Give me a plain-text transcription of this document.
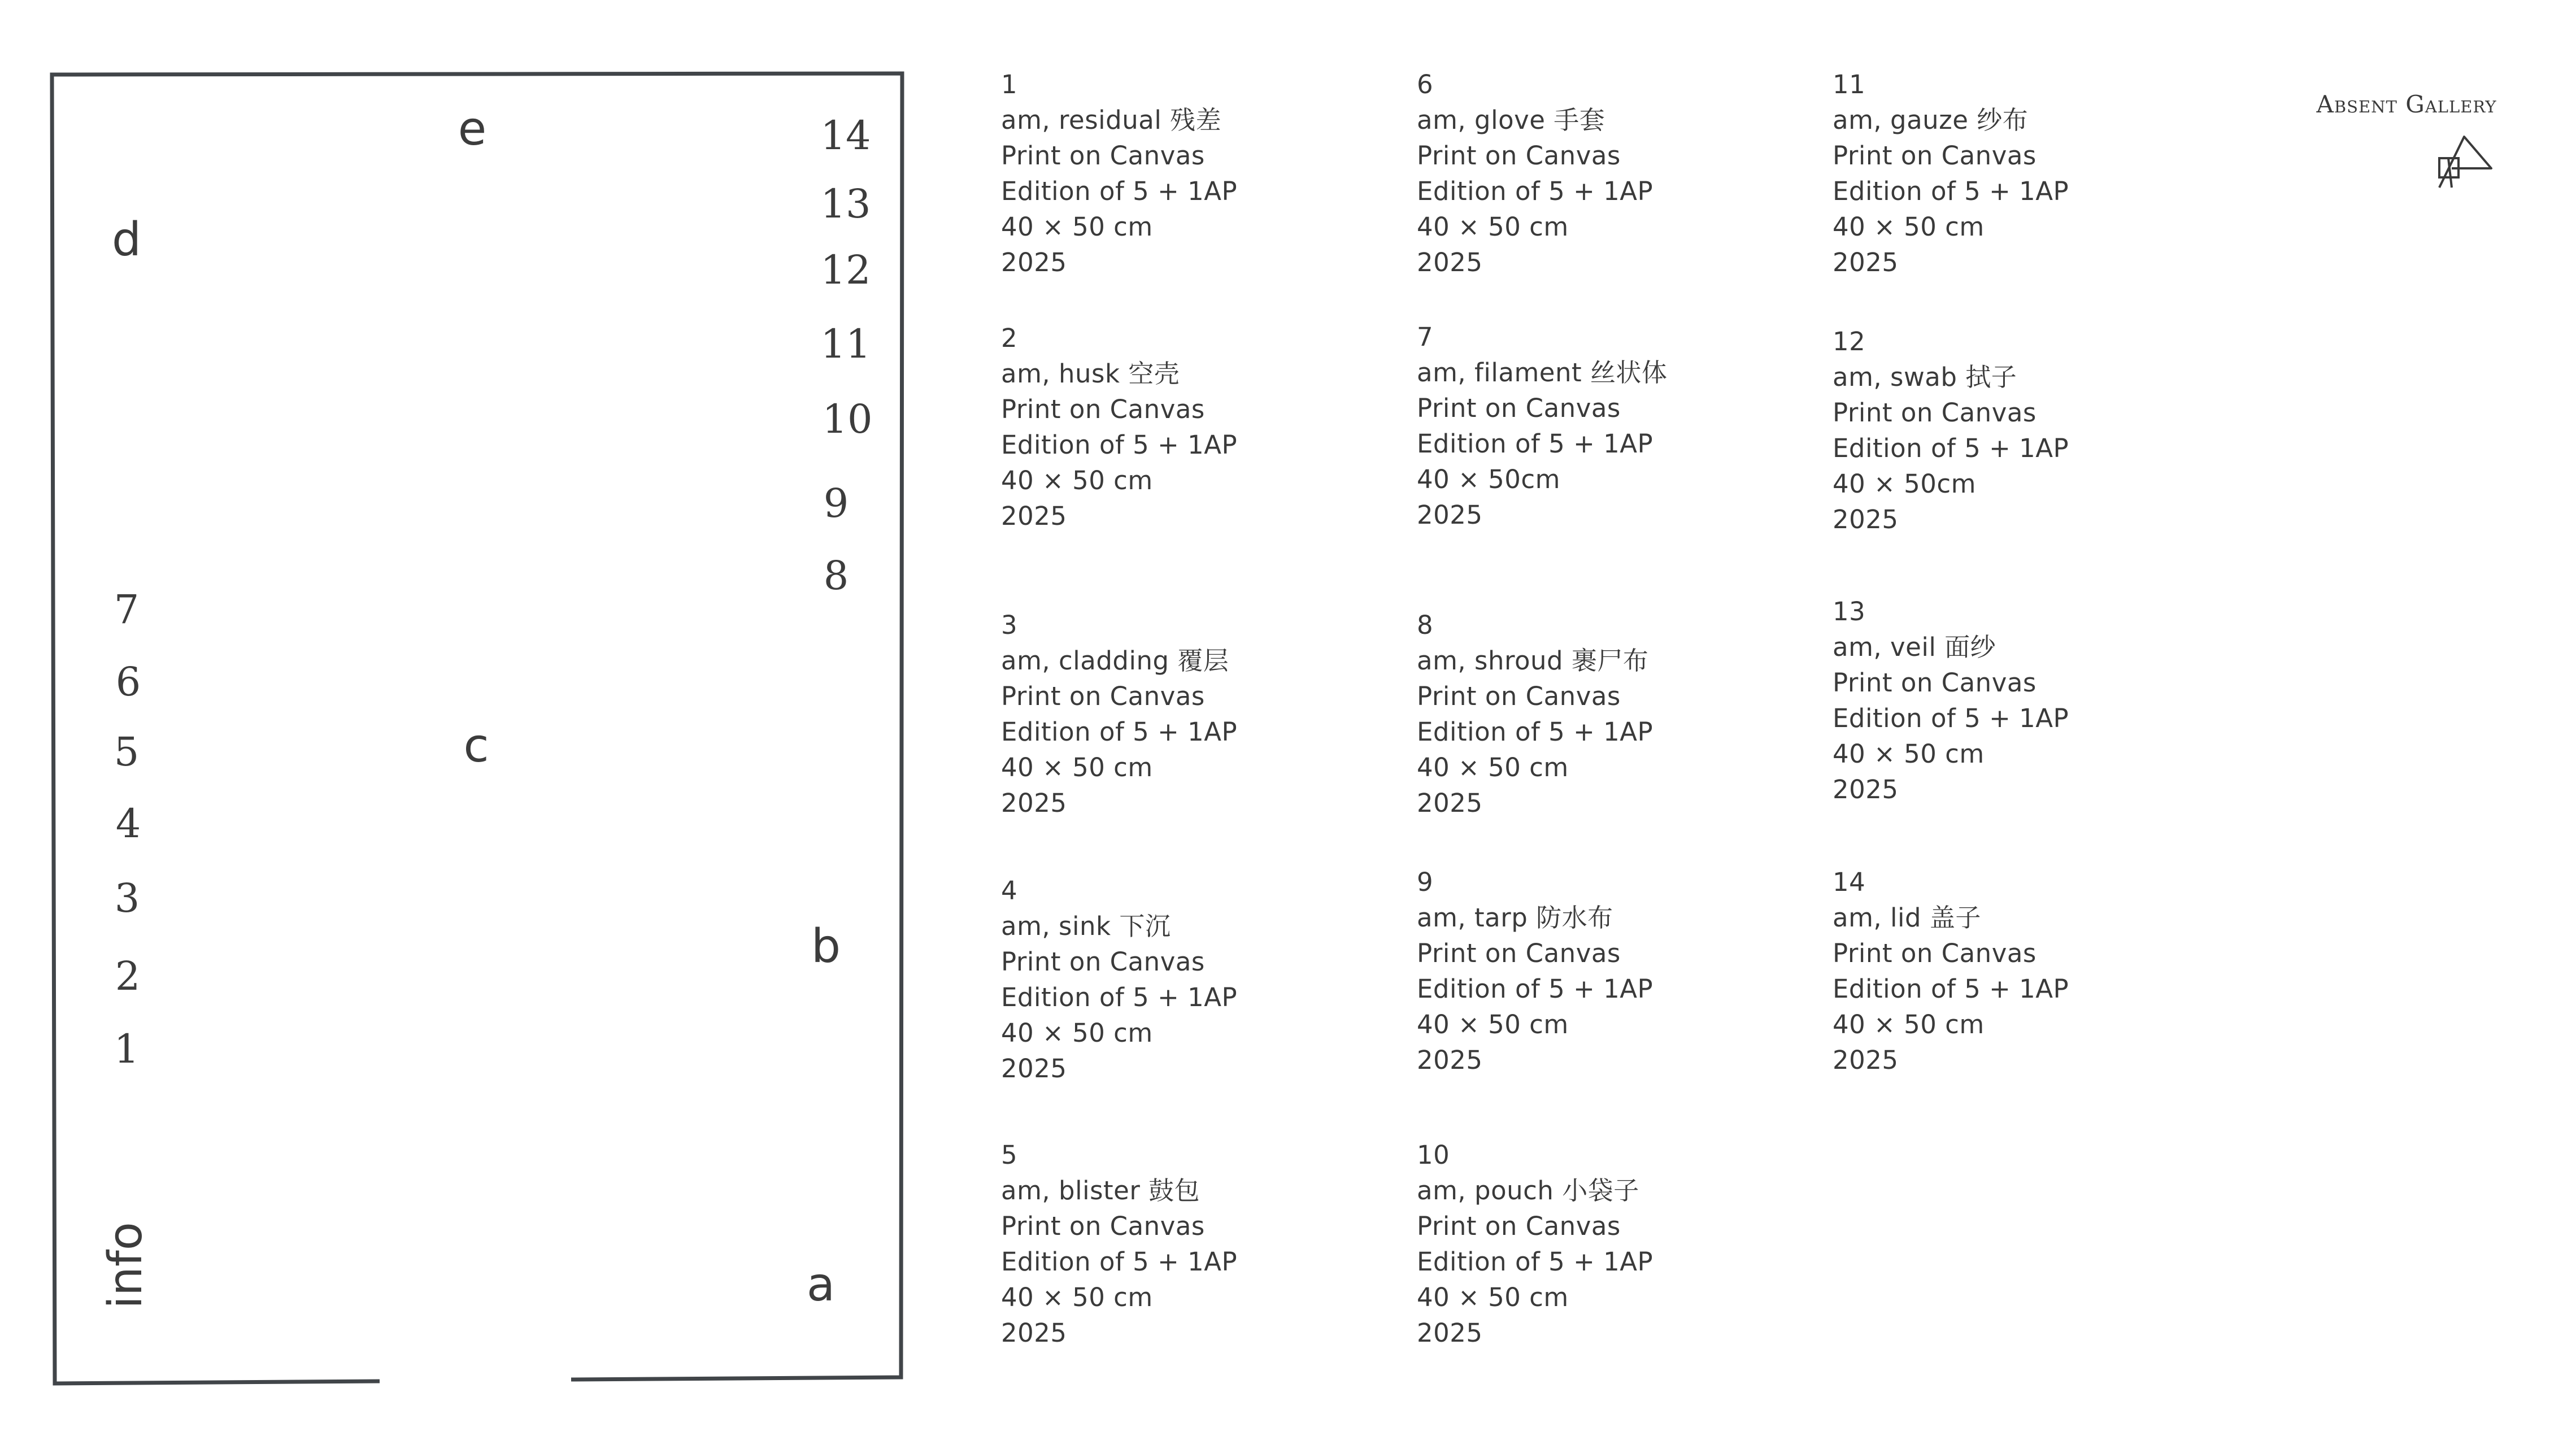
e
d
c
b
a
info
14
13
12
11
10
9
8
7
6
5
4
3
2
1
1
am, residual 残差
Print on Canvas
Edition of 5 + 1AP
40 × 50 cm
2025
2
am, husk 空壳
Print on Canvas
Edition of 5 + 1AP
40 × 50 cm
2025
3
am, cladding 覆层
Print on Canvas
Edition of 5 + 1AP
40 × 50 cm
2025
4
am, sink 下沉
Print on Canvas
Edition of 5 + 1AP
40 × 50 cm
2025
5
am, blister 鼓包
Print on Canvas
Edition of 5 + 1AP
40 × 50 cm
2025
6
am, glove 手套
Print on Canvas
Edition of 5 + 1AP
40 × 50 cm
2025
7
am, filament 丝状体
Print on Canvas
Edition of 5 + 1AP
40 × 50cm
2025
8
am, shroud 裹尸布
Print on Canvas
Edition of 5 + 1AP
40 × 50 cm
2025
9
am, tarp 防水布
Print on Canvas
Edition of 5 + 1AP
40 × 50 cm
2025
10
am, pouch 小袋子
Print on Canvas
Edition of 5 + 1AP
40 × 50 cm
2025
11
am, gauze 纱布
Print on Canvas
Edition of 5 + 1AP
40 × 50 cm
2025
12
am, swab 拭子
Print on Canvas
Edition of 5 + 1AP
40 × 50cm
2025
13
am, veil 面纱
Print on Canvas
Edition of 5 + 1AP
40 × 50 cm
2025
14
am, lid 盖子
Print on Canvas
Edition of 5 + 1AP
40 × 50 cm
2025
Absent Gallery
